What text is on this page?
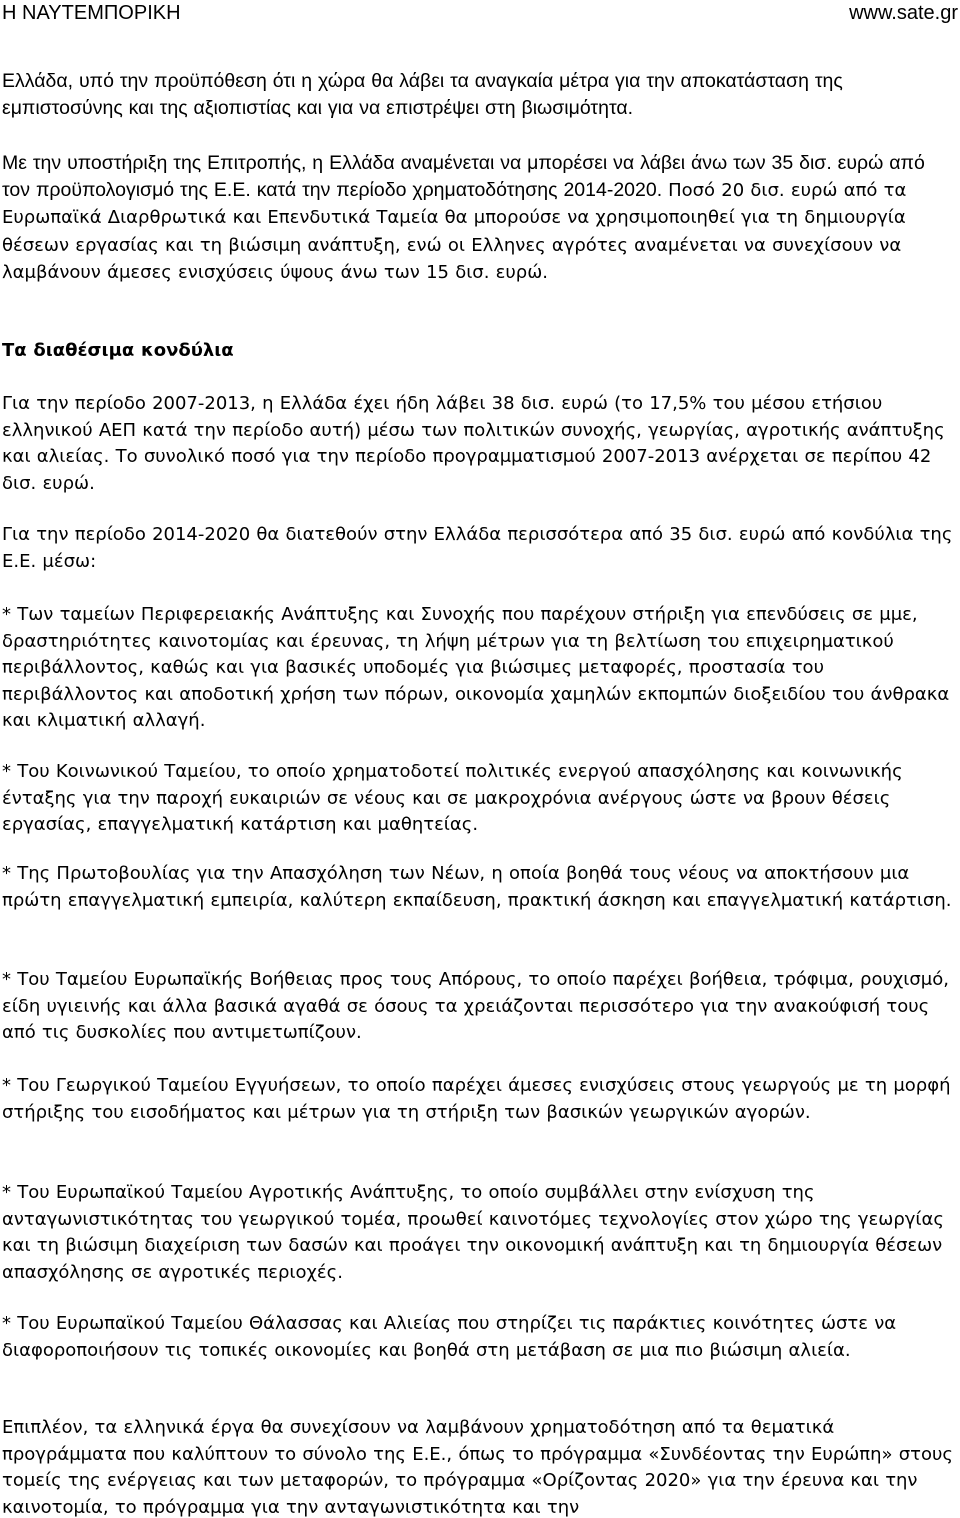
Η ΝΑΥΤΕΜΠΟΡΙΚΗ	www.sate.gr

Ελλάδα, υπό την προϋπόθεση ότι η χώρα θα λάβει τα αναγκαία μέτρα για την αποκατάσταση της εμπιστοσύνης και της αξιοπιστίας και για να επιστρέψει στη βιωσιμότητα.

Με την υποστήριξη της Επιτροπής, η Ελλάδα αναμένεται να μπορέσει να λάβει άνω των 35 δισ. ευρώ από τον προϋπολογισμό της Ε.Ε. κατά την περίοδο χρηματοδότησης 2014-2020. Ποσό 20 δισ. ευρώ από τα Ευρωπαϊκά Διαρθρωτικά και Επενδυτικά Ταμεία θα μπορούσε να χρησιμοποιηθεί για τη δημιουργία θέσεων εργασίας και τη βιώσιμη ανάπτυξη, ενώ οι Ελληνες αγρότες αναμένεται να συνεχίσουν να λαμβάνουν άμεσες ενισχύσεις ύψους άνω των 15 δισ. ευρώ.

Τα διαθέσιμα κονδύλια

Για την περίοδο 2007-2013, η Ελλάδα έχει ήδη λάβει 38 δισ. ευρώ (το 17,5% του μέσου ετήσιου ελληνικού ΑΕΠ κατά την περίοδο αυτή) μέσω των πολιτικών συνοχής, γεωργίας, αγροτικής ανάπτυξης και αλιείας. Το συνολικό ποσό για την περίοδο προγραμματισμού 2007-2013 ανέρχεται σε περίπου 42 δισ. ευρώ.

Για την περίοδο 2014-2020 θα διατεθούν στην Ελλάδα περισσότερα από 35 δισ. ευρώ από κονδύλια της Ε.Ε. μέσω:

* Των ταμείων Περιφερειακής Ανάπτυξης και Συνοχής που παρέχουν στήριξη για επενδύσεις σε μμε, δραστηριότητες καινοτομίας και έρευνας, τη λήψη μέτρων για τη βελτίωση του επιχειρηματικού περιβάλλοντος, καθώς και για βασικές υποδομές για βιώσιμες μεταφορές, προστασία του περιβάλλοντος και αποδοτική χρήση των πόρων, οικονομία χαμηλών εκπομπών διοξειδίου του άνθρακα και κλιματική αλλαγή.

* Του Κοινωνικού Ταμείου, το οποίο χρηματοδοτεί πολιτικές ενεργού απασχόλησης και κοινωνικής ένταξης για την παροχή ευκαιριών σε νέους και σε μακροχρόνια ανέργους ώστε να βρουν θέσεις εργασίας, επαγγελματική κατάρτιση και μαθητείας.

* Της Πρωτοβουλίας για την Απασχόληση των Νέων, η οποία βοηθά τους νέους να αποκτήσουν μια πρώτη επαγγελματική εμπειρία, καλύτερη εκπαίδευση, πρακτική άσκηση και επαγγελματική κατάρτιση.

* Του Ταμείου Ευρωπαϊκής Βοήθειας προς τους Απόρους, το οποίο παρέχει βοήθεια, τρόφιμα, ρουχισμό, είδη υγιεινής και άλλα βασικά αγαθά σε όσους τα χρειάζονται περισσότερο για την ανακούφισή τους από τις δυσκολίες που αντιμετωπίζουν.

* Του Γεωργικού Ταμείου Εγγυήσεων, το οποίο παρέχει άμεσες ενισχύσεις στους γεωργούς με τη μορφή στήριξης του εισοδήματος και μέτρων για τη στήριξη των βασικών γεωργικών αγορών.

* Του Ευρωπαϊκού Ταμείου Αγροτικής Ανάπτυξης, το οποίο συμβάλλει στην ενίσχυση της ανταγωνιστικότητας του γεωργικού τομέα, προωθεί καινοτόμες τεχνολογίες στον χώρο της γεωργίας και τη βιώσιμη διαχείριση των δασών και προάγει την οικονομική ανάπτυξη και τη δημιουργία θέσεων απασχόλησης σε αγροτικές περιοχές.

* Του Ευρωπαϊκού Ταμείου Θάλασσας και Αλιείας που στηρίζει τις παράκτιες κοινότητες ώστε να διαφοροποιήσουν τις τοπικές οικονομίες και βοηθά στη μετάβαση σε μια πιο βιώσιμη αλιεία.

Επιπλέον, τα ελληνικά έργα θα συνεχίσουν να λαμβάνουν χρηματοδότηση από τα θεματικά προγράμματα που καλύπτουν το σύνολο της Ε.Ε., όπως το πρόγραμμα «Συνδέοντας την Ευρώπη» στους τομείς της ενέργειας και των μεταφορών, το πρόγραμμα «Ορίζοντας 2020» για την έρευνα και την καινοτομία, το πρόγραμμα για την ανταγωνιστικότητα και την
